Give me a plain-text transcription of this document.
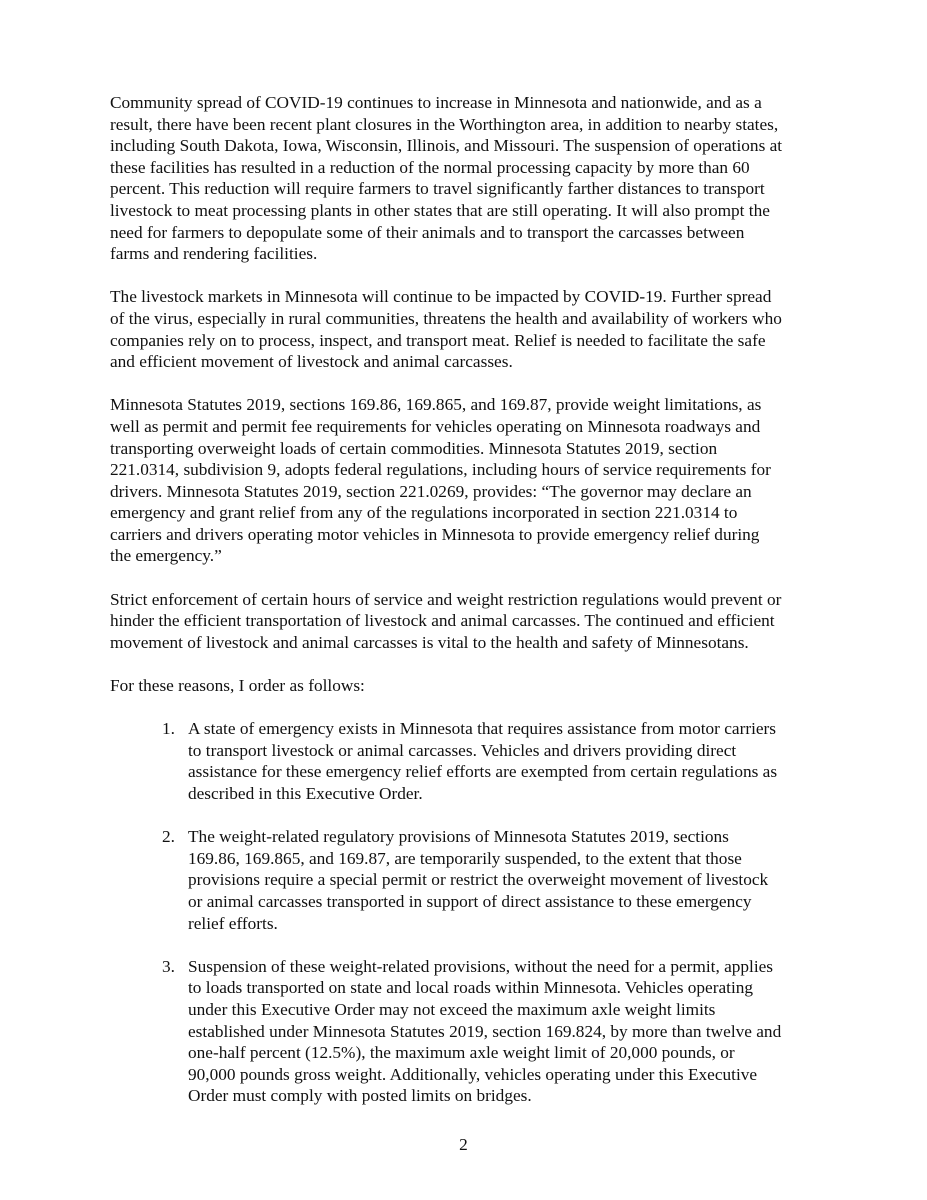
Community spread of COVID-19 continues to increase in Minnesota and nationwide, and as a
result, there have been recent plant closures in the Worthington area, in addition to nearby states,
including South Dakota, Iowa, Wisconsin, Illinois, and Missouri. The suspension of operations at
these facilities has resulted in a reduction of the normal processing capacity by more than 60
percent. This reduction will require farmers to travel significantly farther distances to transport
livestock to meat processing plants in other states that are still operating. It will also prompt the
need for farmers to depopulate some of their animals and to transport the carcasses between
farms and rendering facilities.
The livestock markets in Minnesota will continue to be impacted by COVID-19. Further spread
of the virus, especially in rural communities, threatens the health and availability of workers who
companies rely on to process, inspect, and transport meat. Relief is needed to facilitate the safe
and efficient movement of livestock and animal carcasses.
Minnesota Statutes 2019, sections 169.86, 169.865, and 169.87, provide weight limitations, as
well as permit and permit fee requirements for vehicles operating on Minnesota roadways and
transporting overweight loads of certain commodities. Minnesota Statutes 2019, section
221.0314, subdivision 9, adopts federal regulations, including hours of service requirements for
drivers. Minnesota Statutes 2019, section 221.0269, provides: “The governor may declare an
emergency and grant relief from any of the regulations incorporated in section 221.0314 to
carriers and drivers operating motor vehicles in Minnesota to provide emergency relief during
the emergency.”
Strict enforcement of certain hours of service and weight restriction regulations would prevent or
hinder the efficient transportation of livestock and animal carcasses. The continued and efficient
movement of livestock and animal carcasses is vital to the health and safety of Minnesotans.
For these reasons, I order as follows:
1. A state of emergency exists in Minnesota that requires assistance from motor carriers
to transport livestock or animal carcasses. Vehicles and drivers providing direct
assistance for these emergency relief efforts are exempted from certain regulations as
described in this Executive Order.
2. The weight-related regulatory provisions of Minnesota Statutes 2019, sections
169.86, 169.865, and 169.87, are temporarily suspended, to the extent that those
provisions require a special permit or restrict the overweight movement of livestock
or animal carcasses transported in support of direct assistance to these emergency
relief efforts.
3. Suspension of these weight-related provisions, without the need for a permit, applies
to loads transported on state and local roads within Minnesota. Vehicles operating
under this Executive Order may not exceed the maximum axle weight limits
established under Minnesota Statutes 2019, section 169.824, by more than twelve and
one-half percent (12.5%), the maximum axle weight limit of 20,000 pounds, or
90,000 pounds gross weight. Additionally, vehicles operating under this Executive
Order must comply with posted limits on bridges.
2
